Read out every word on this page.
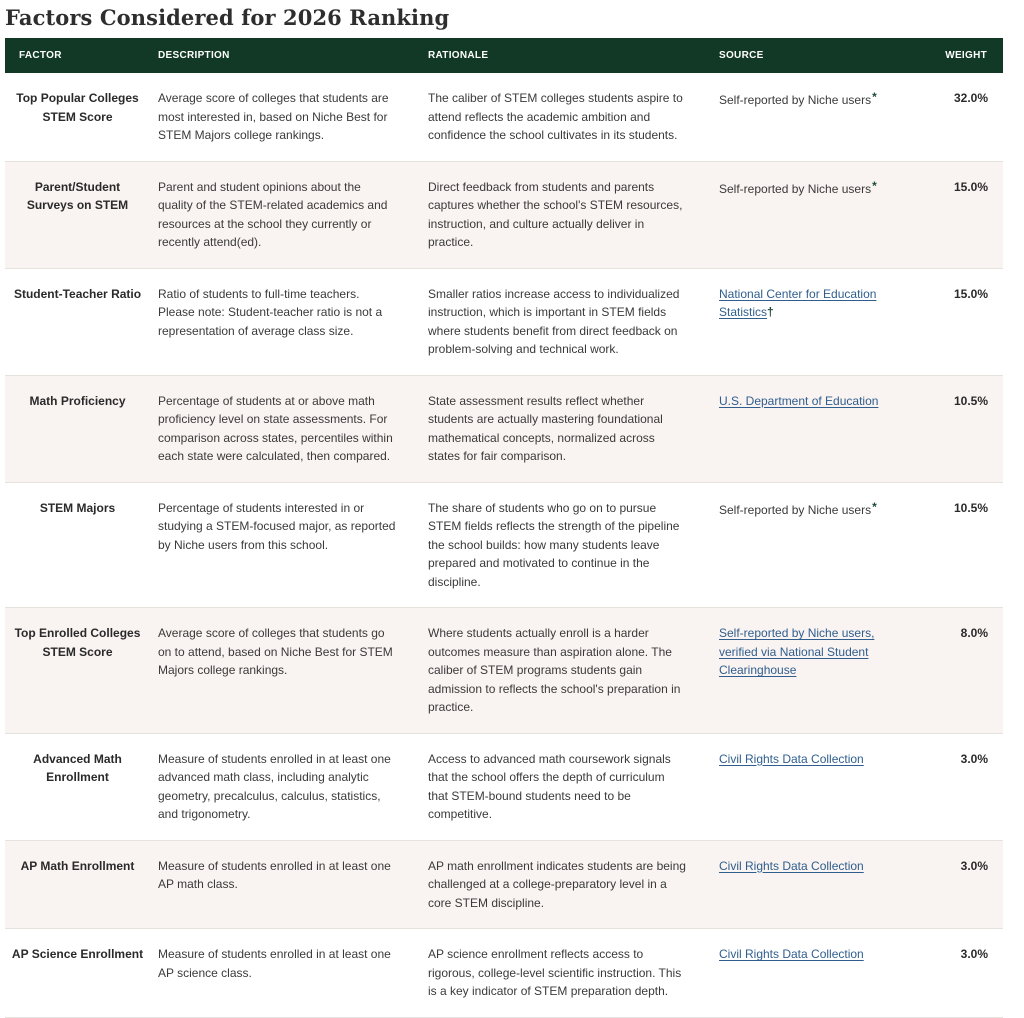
Factors Considered for 2026 Ranking
FACTOR	DESCRIPTION	RATIONALE	SOURCE	WEIGHT
Top Popular Colleges STEM Score	Average score of colleges that students are most interested in, based on Niche Best for STEM Majors college rankings.	The caliber of STEM colleges students aspire to attend reflects the academic ambition and confidence the school cultivates in its students.	Self-reported by Niche users*	32.0%
Parent/Student Surveys on STEM	Parent and student opinions about the quality of the STEM-related academics and resources at the school they currently or recently attend(ed).	Direct feedback from students and parents captures whether the school's STEM resources, instruction, and culture actually deliver in practice.	Self-reported by Niche users*	15.0%
Student-Teacher Ratio	Ratio of students to full-time teachers. Please note: Student-teacher ratio is not a representation of average class size.	Smaller ratios increase access to individualized instruction, which is important in STEM fields where students benefit from direct feedback on problem-solving and technical work.	National Center for Education Statistics†	15.0%
Math Proficiency	Percentage of students at or above math proficiency level on state assessments. For comparison across states, percentiles within each state were calculated, then compared.	State assessment results reflect whether students are actually mastering foundational mathematical concepts, normalized across states for fair comparison.	U.S. Department of Education	10.5%
STEM Majors	Percentage of students interested in or studying a STEM-focused major, as reported by Niche users from this school.	The share of students who go on to pursue STEM fields reflects the strength of the pipeline the school builds: how many students leave prepared and motivated to continue in the discipline.	Self-reported by Niche users*	10.5%
Top Enrolled Colleges STEM Score	Average score of colleges that students go on to attend, based on Niche Best for STEM Majors college rankings.	Where students actually enroll is a harder outcomes measure than aspiration alone. The caliber of STEM programs students gain admission to reflects the school's preparation in practice.	Self-reported by Niche users, verified via National Student Clearinghouse	8.0%
Advanced Math Enrollment	Measure of students enrolled in at least one advanced math class, including analytic geometry, precalculus, calculus, statistics, and trigonometry.	Access to advanced math coursework signals that the school offers the depth of curriculum that STEM-bound students need to be competitive.	Civil Rights Data Collection	3.0%
AP Math Enrollment	Measure of students enrolled in at least one AP math class.	AP math enrollment indicates students are being challenged at a college-preparatory level in a core STEM discipline.	Civil Rights Data Collection	3.0%
AP Science Enrollment	Measure of students enrolled in at least one AP science class.	AP science enrollment reflects access to rigorous, college-level scientific instruction. This is a key indicator of STEM preparation depth.	Civil Rights Data Collection	3.0%
